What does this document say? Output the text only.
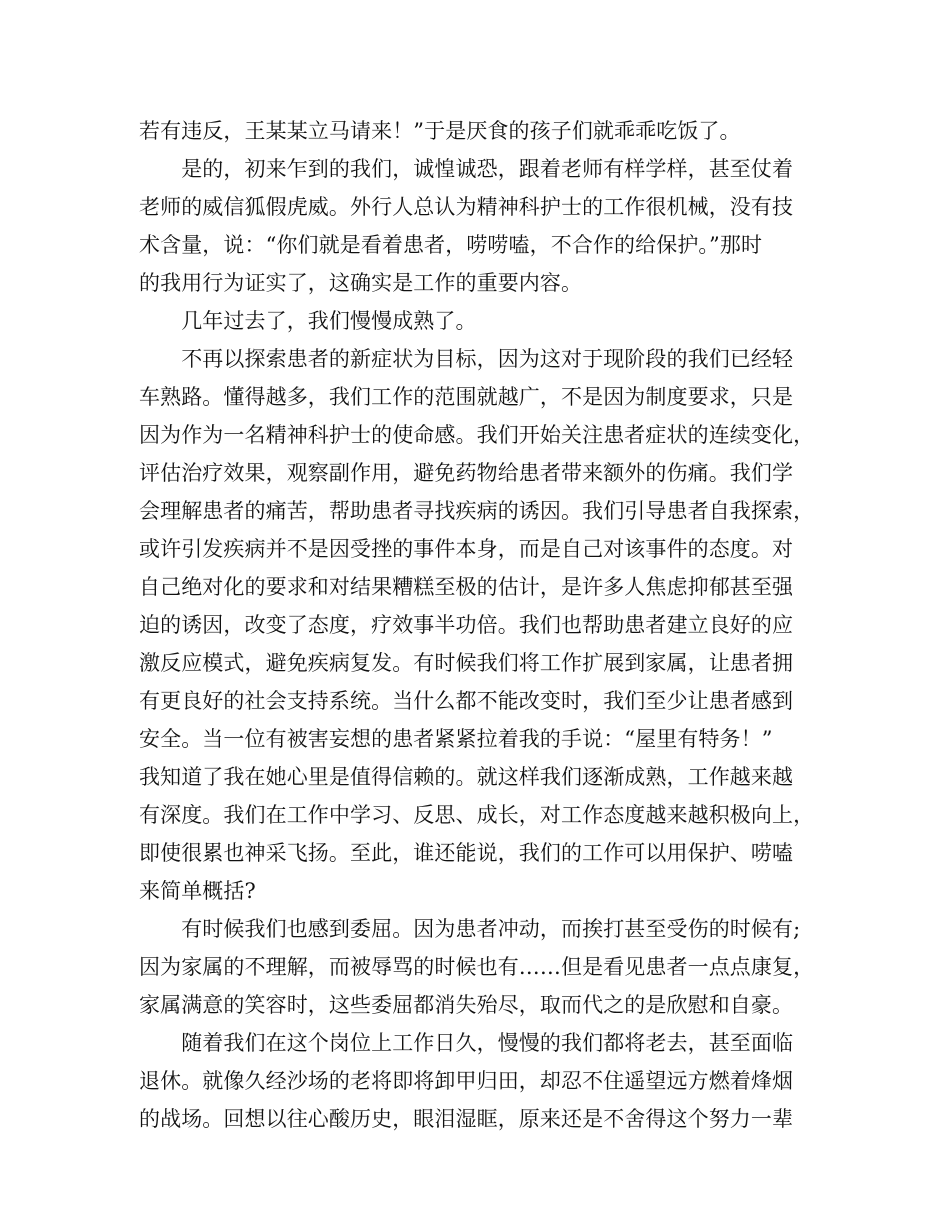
若有违反，王某某立马请来！”于是厌食的孩子们就乖乖吃饭了。
　　是的，初来乍到的我们，诚惶诚恐，跟着老师有样学样，甚至仗着
老师的威信狐假虎威。外行人总认为精神科护士的工作很机械，没有技
术含量，说：“你们就是看着患者，唠唠嗑，不合作的给保护。”那时
的我用行为证实了，这确实是工作的重要内容。
　　几年过去了，我们慢慢成熟了。
　　不再以探索患者的新症状为目标，因为这对于现阶段的我们已经轻
车熟路。懂得越多，我们工作的范围就越广，不是因为制度要求，只是
因为作为一名精神科护士的使命感。我们开始关注患者症状的连续变化，
评估治疗效果，观察副作用，避免药物给患者带来额外的伤痛。我们学
会理解患者的痛苦，帮助患者寻找疾病的诱因。我们引导患者自我探索，
或许引发疾病并不是因受挫的事件本身，而是自己对该事件的态度。对
自己绝对化的要求和对结果糟糕至极的估计，是许多人焦虑抑郁甚至强
迫的诱因，改变了态度，疗效事半功倍。我们也帮助患者建立良好的应
激反应模式，避免疾病复发。有时候我们将工作扩展到家属，让患者拥
有更良好的社会支持系统。当什么都不能改变时，我们至少让患者感到
安全。当一位有被害妄想的患者紧紧拉着我的手说：“屋里有特务！”
我知道了我在她心里是值得信赖的。就这样我们逐渐成熟，工作越来越
有深度。我们在工作中学习、反思、成长，对工作态度越来越积极向上，
即使很累也神采飞扬。至此，谁还能说，我们的工作可以用保护、唠嗑
来简单概括?
　　有时候我们也感到委屈。因为患者冲动，而挨打甚至受伤的时候有;
因为家属的不理解，而被辱骂的时候也有……但是看见患者一点点康复，
家属满意的笑容时，这些委屈都消失殆尽，取而代之的是欣慰和自豪。
　　随着我们在这个岗位上工作日久，慢慢的我们都将老去，甚至面临
退休。就像久经沙场的老将即将卸甲归田，却忍不住遥望远方燃着烽烟
的战场。回想以往心酸历史，眼泪湿眶，原来还是不舍得这个努力一辈
